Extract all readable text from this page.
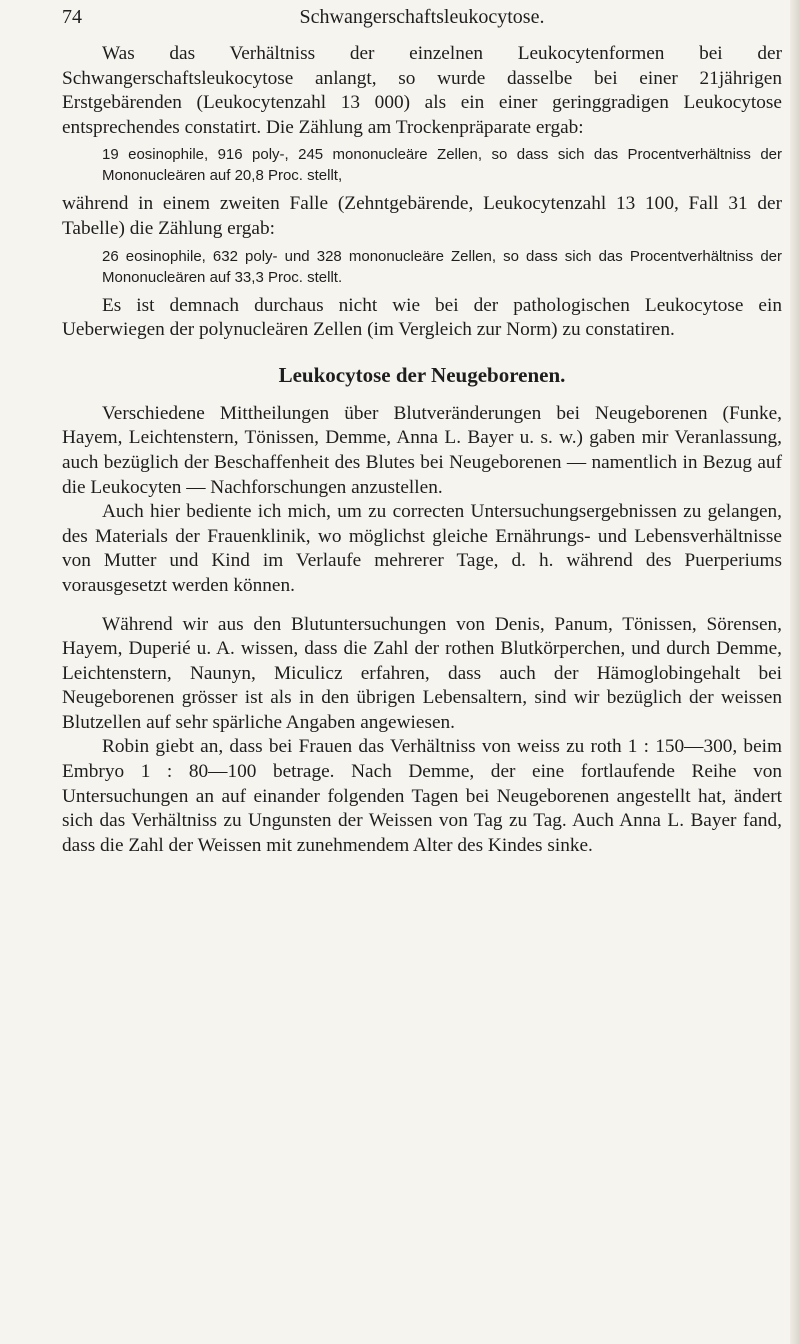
74	Schwangerschaftsleukocytose.

Was das Verhältniss der einzelnen Leukocytenformen bei der Schwangerschaftsleukocytose anlangt, so wurde dasselbe bei einer 21jährigen Erstgebärenden (Leukocytenzahl 13 000) als ein einer geringgradigen Leukocytose entsprechendes constatirt. Die Zählung am Trockenpräparate ergab:

19 eosinophile, 916 poly-, 245 mononucleäre Zellen, so dass sich das Procentverhältniss der Mononucleären auf 20,8 Proc. stellt,

während in einem zweiten Falle (Zehntgebärende, Leukocytenzahl 13 100, Fall 31 der Tabelle) die Zählung ergab:

26 eosinophile, 632 poly- und 328 mononucleäre Zellen, so dass sich das Procentverhältniss der Mononucleären auf 33,3 Proc. stellt.

Es ist demnach durchaus nicht wie bei der pathologischen Leukocytose ein Ueberwiegen der polynucleären Zellen (im Vergleich zur Norm) zu constatiren.

Leukocytose der Neugeborenen.

Verschiedene Mittheilungen über Blutveränderungen bei Neugeborenen (Funke, Hayem, Leichtenstern, Tönissen, Demme, Anna L. Bayer u. s. w.) gaben mir Veranlassung, auch bezüglich der Beschaffenheit des Blutes bei Neugeborenen — namentlich in Bezug auf die Leukocyten — Nachforschungen anzustellen.

Auch hier bediente ich mich, um zu correcten Untersuchungsergebnissen zu gelangen, des Materials der Frauenklinik, wo möglichst gleiche Ernährungs- und Lebensverhältnisse von Mutter und Kind im Verlaufe mehrerer Tage, d. h. während des Puerperiums vorausgesetzt werden können.

Während wir aus den Blutuntersuchungen von Denis, Panum, Tönissen, Sörensen, Hayem, Duperié u. A. wissen, dass die Zahl der rothen Blutkörperchen, und durch Demme, Leichtenstern, Naunyn, Miculicz erfahren, dass auch der Hämoglobingehalt bei Neugeborenen grösser ist als in den übrigen Lebensaltern, sind wir bezüglich der weissen Blutzellen auf sehr spärliche Angaben angewiesen.

Robin giebt an, dass bei Frauen das Verhältniss von weiss zu roth 1 : 150—300, beim Embryo 1 : 80—100 betrage. Nach Demme, der eine fortlaufende Reihe von Untersuchungen an auf einander folgenden Tagen bei Neugeborenen angestellt hat, ändert sich das Verhältniss zu Ungunsten der Weissen von Tag zu Tag. Auch Anna L. Bayer fand, dass die Zahl der Weissen mit zunehmendem Alter des Kindes sinke.
